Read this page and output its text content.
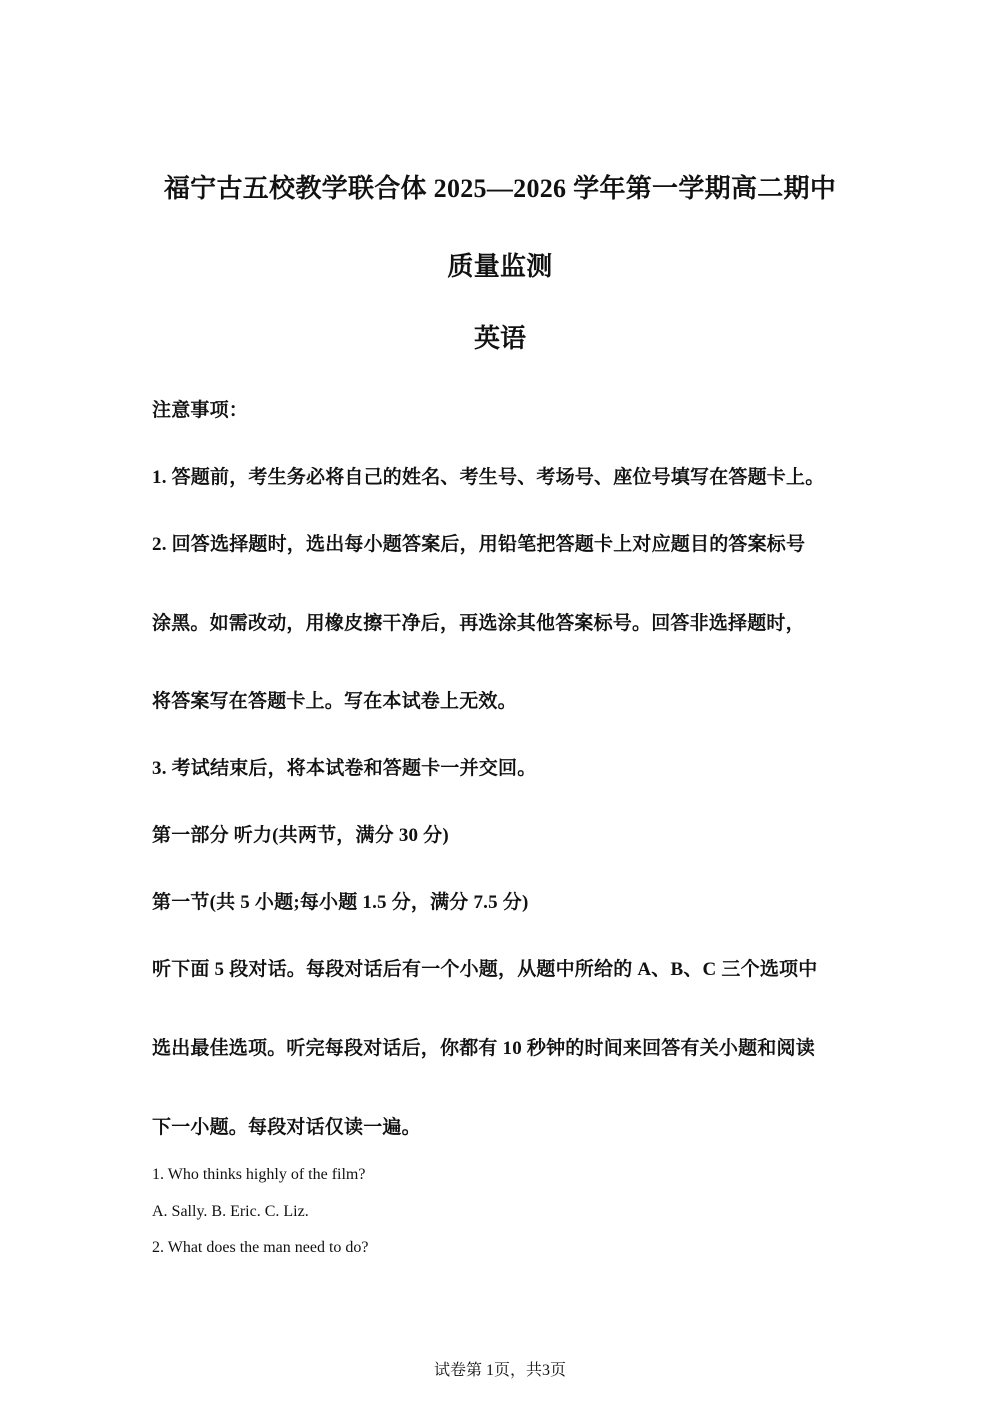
福宁古五校教学联合体 2025—2026 学年第一学期高二期中
质量监测
英语
注意事项：
1. 答题前，考生务必将自己的姓名、考生号、考场号、座位号填写在答题卡上。
2. 回答选择题时，选出每小题答案后，用铅笔把答题卡上对应题目的答案标号
涂黑。如需改动，用橡皮擦干净后，再选涂其他答案标号。回答非选择题时，
将答案写在答题卡上。写在本试卷上无效。
3. 考试结束后，将本试卷和答题卡一并交回。
第一部分 听力(共两节，满分 30 分)
第一节(共 5 小题;每小题 1.5 分，满分 7.5 分)
听下面 5 段对话。每段对话后有一个小题，从题中所给的 A、B、C 三个选项中
选出最佳选项。听完每段对话后，你都有 10 秒钟的时间来回答有关小题和阅读
下一小题。每段对话仅读一遍。
1. Who thinks highly of the film?
A. Sally. B. Eric. C. Liz.
2. What does the man need to do?
试卷第 1页，共3页
